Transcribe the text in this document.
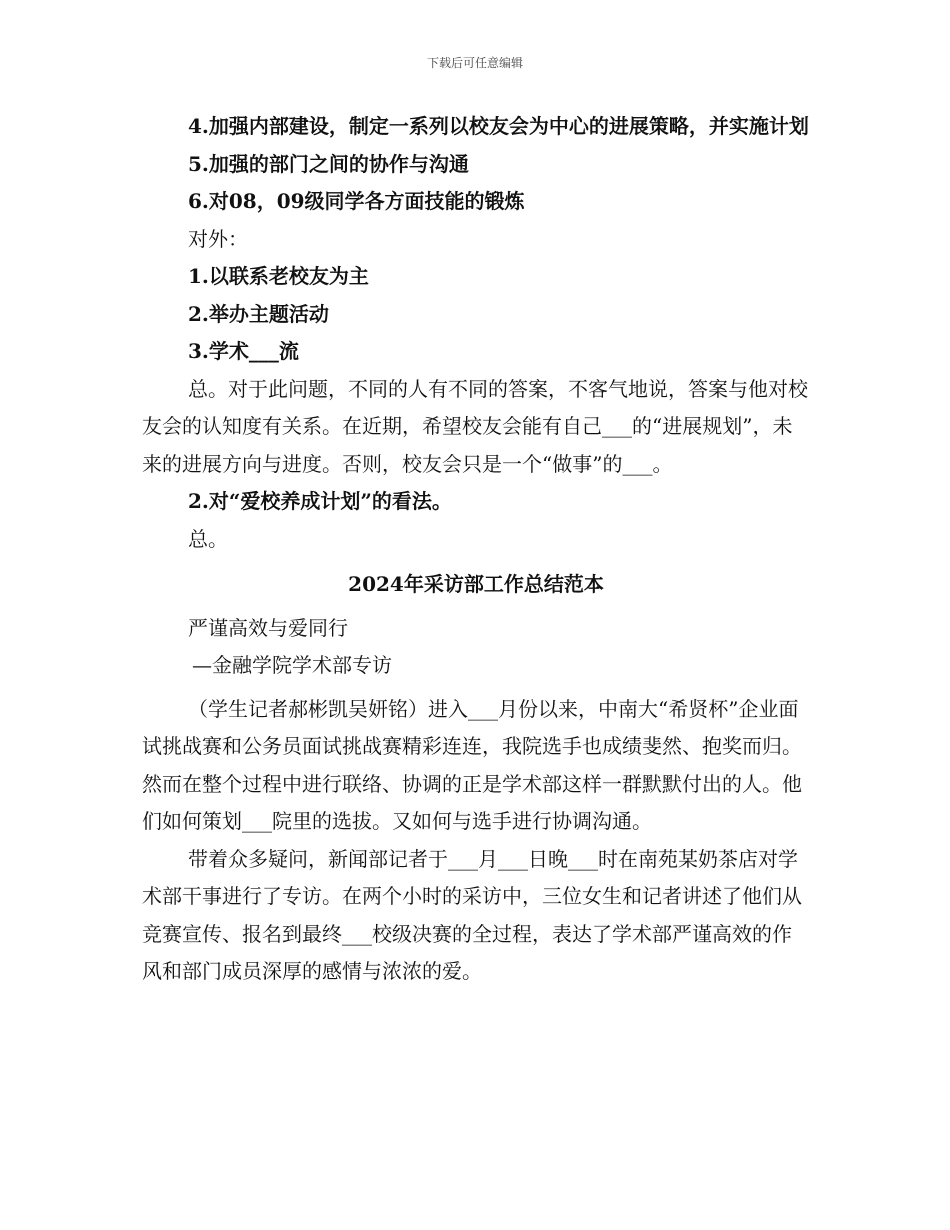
下载后可任意编辑

4.加强内部建设，制定一系列以校友会为中心的进展策略，并实施计划

5.加强的部门之间的协作与沟通

6.对08，09级同学各方面技能的锻炼

对外：

1.以联系老校友为主

2.举办主题活动

3.学术___流

总。对于此问题，不同的人有不同的答案，不客气地说，答案与他对校友会的认知度有关系。在近期，希望校友会能有自己___的“进展规划”，未来的进展方向与进度。否则，校友会只是一个“做事”的___。

2.对“爱校养成计划”的看法。

总。

2024年采访部工作总结范本

严谨高效与爱同行

—金融学院学术部专访

（学生记者郝彬凯吴妍铭）进入___月份以来，中南大“希贤杯”企业面试挑战赛和公务员面试挑战赛精彩连连，我院选手也成绩斐然、抱奖而归。然而在整个过程中进行联络、协调的正是学术部这样一群默默付出的人。他们如何策划___院里的选拔。又如何与选手进行协调沟通。

带着众多疑问，新闻部记者于___月___日晚___时在南苑某奶茶店对学术部干事进行了专访。在两个小时的采访中，三位女生和记者讲述了他们从竞赛宣传、报名到最终___校级决赛的全过程，表达了学术部严谨高效的作风和部门成员深厚的感情与浓浓的爱。
